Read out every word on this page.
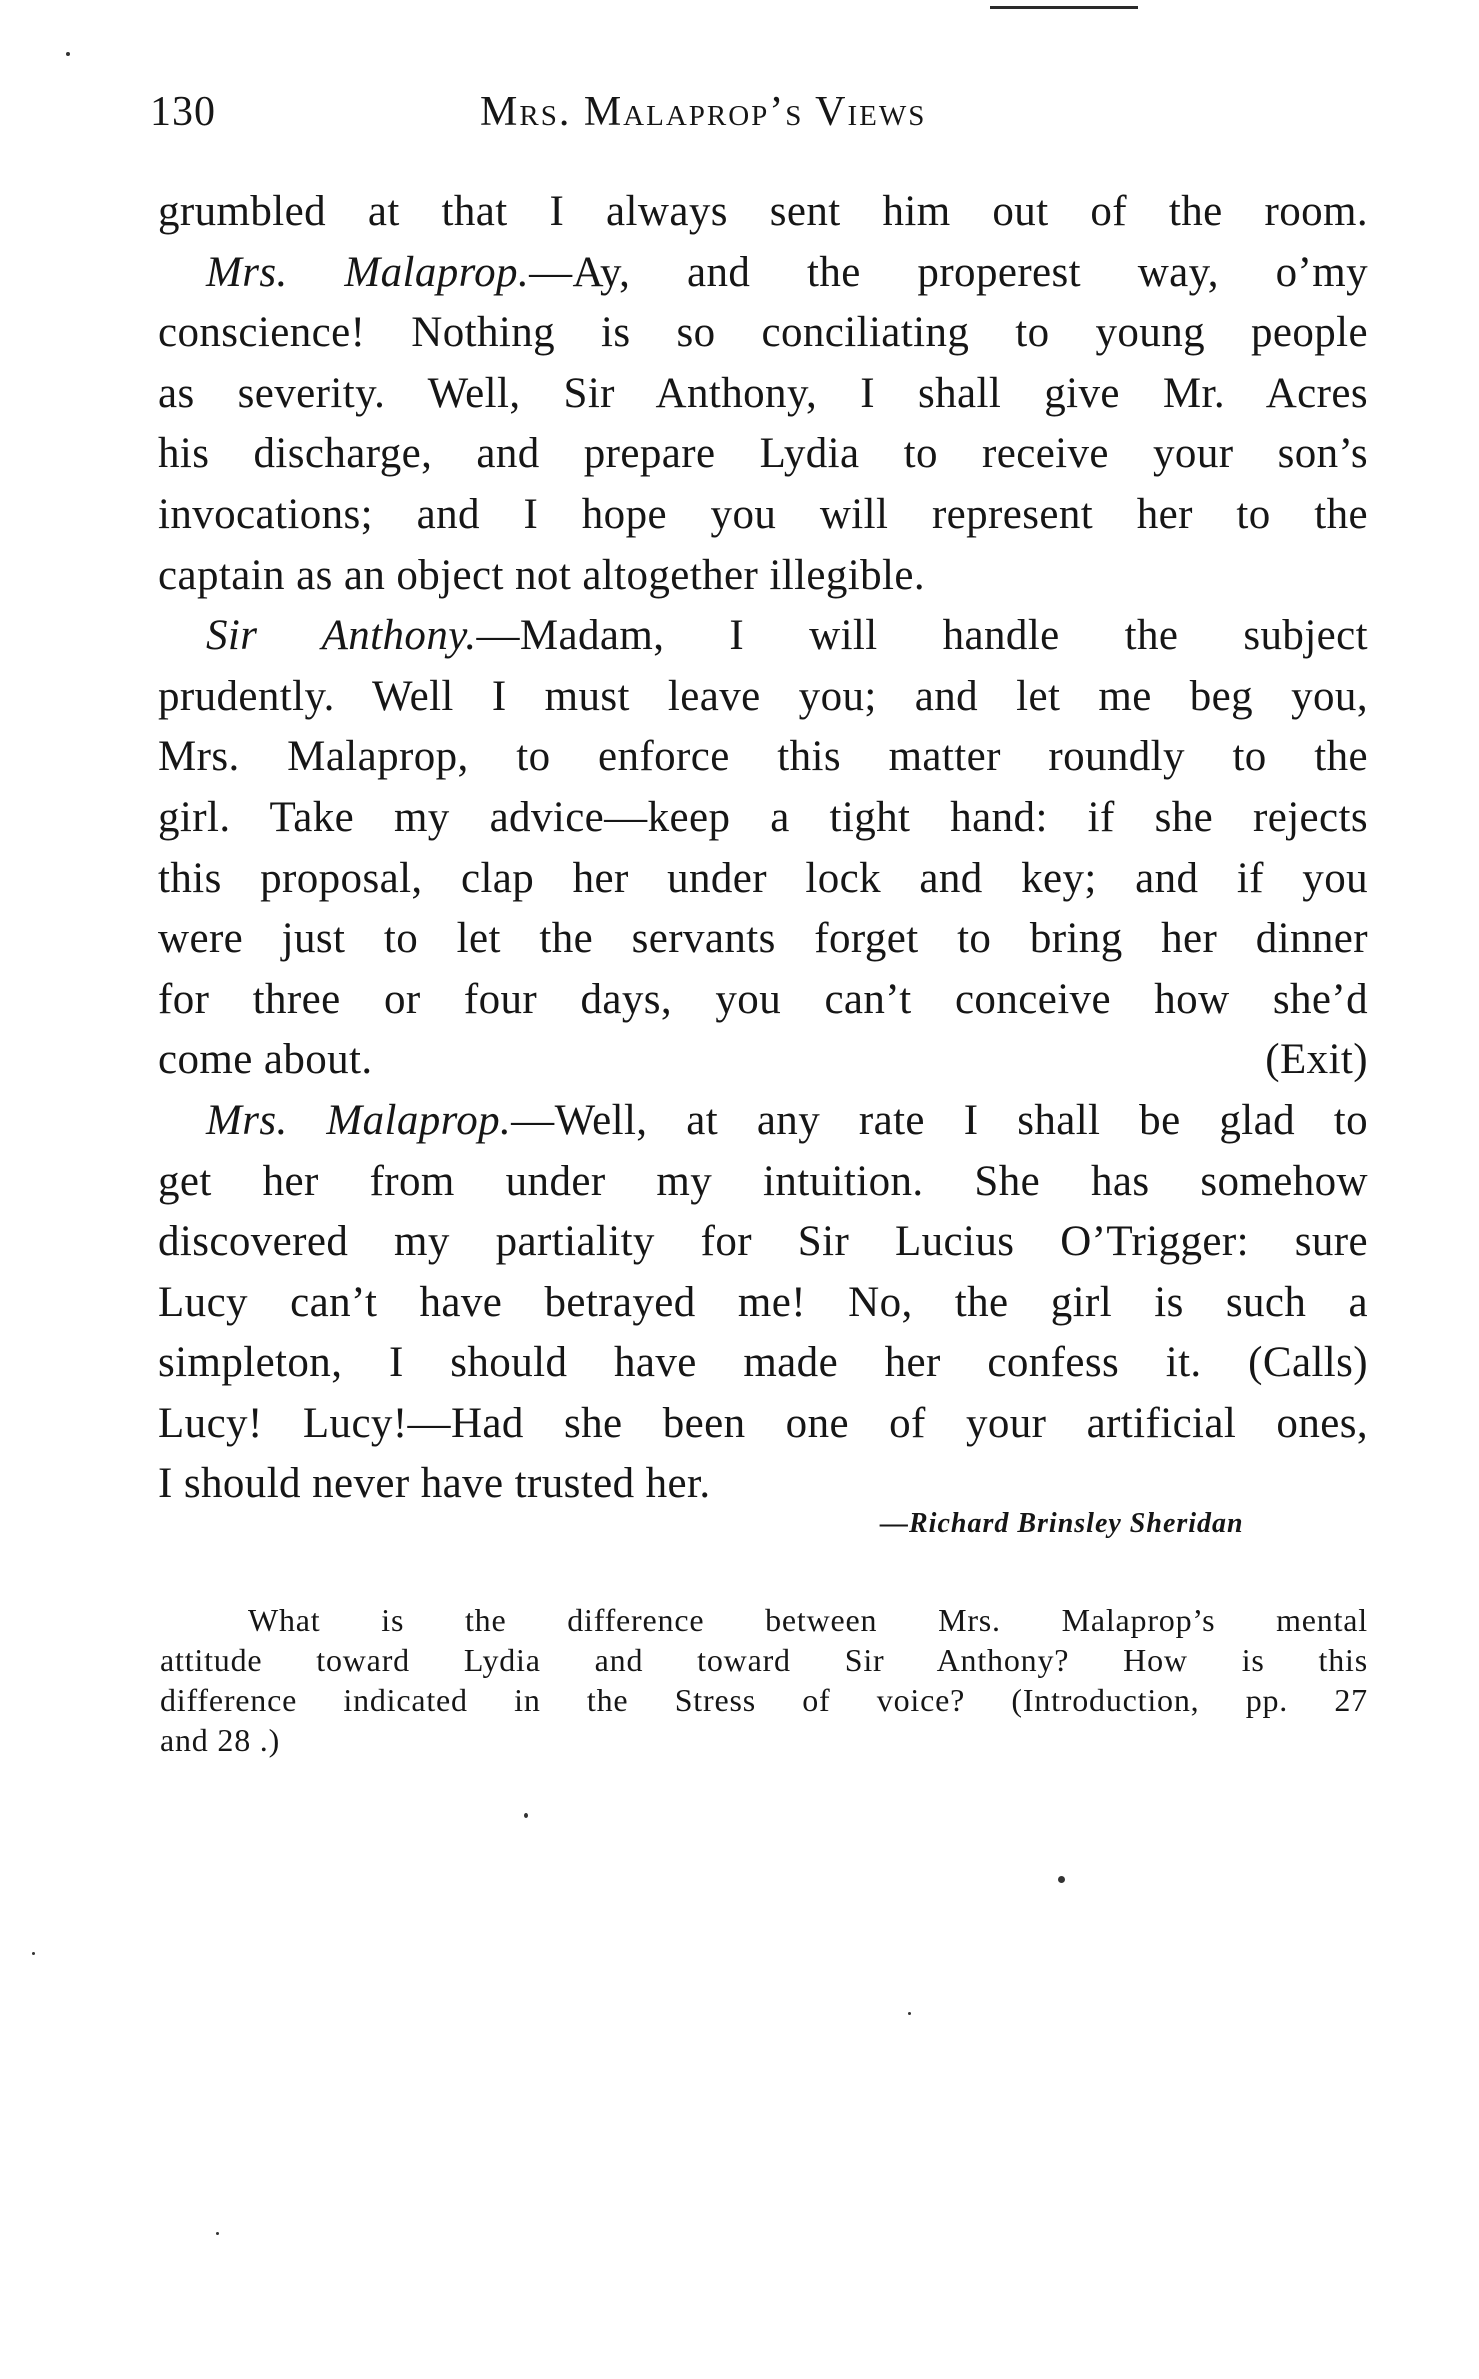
130	Mrs. Malaprop’s Views
grumbled at that I always sent him out of the room.
Mrs. Malaprop.—Ay, and the properest way, o’my
conscience! Nothing is so conciliating to young people
as severity. Well, Sir Anthony, I shall give Mr. Acres
his discharge, and prepare Lydia to receive your son’s
invocations; and I hope you will represent her to the
captain as an object not altogether illegible.
Sir Anthony.—Madam, I will handle the subject
prudently. Well I must leave you; and let me beg you,
Mrs. Malaprop, to enforce this matter roundly to the
girl. Take my advice—keep a tight hand: if she rejects
this proposal, clap her under lock and key; and if you
were just to let the servants forget to bring her dinner
for three or four days, you can’t conceive how she’d
come about.	(Exit)
Mrs. Malaprop.—Well, at any rate I shall be glad to
get her from under my intuition. She has somehow
discovered my partiality for Sir Lucius O’Trigger: sure
Lucy can’t have betrayed me! No, the girl is such a
simpleton, I should have made her confess it. (Calls)
Lucy! Lucy!—Had she been one of your artificial ones,
I should never have trusted her.
—Richard Brinsley Sheridan
What is the difference between Mrs. Malaprop’s mental
attitude toward Lydia and toward Sir Anthony? How is this
difference indicated in the Stress of voice? (Introduction, pp. 27
and 28 .)
